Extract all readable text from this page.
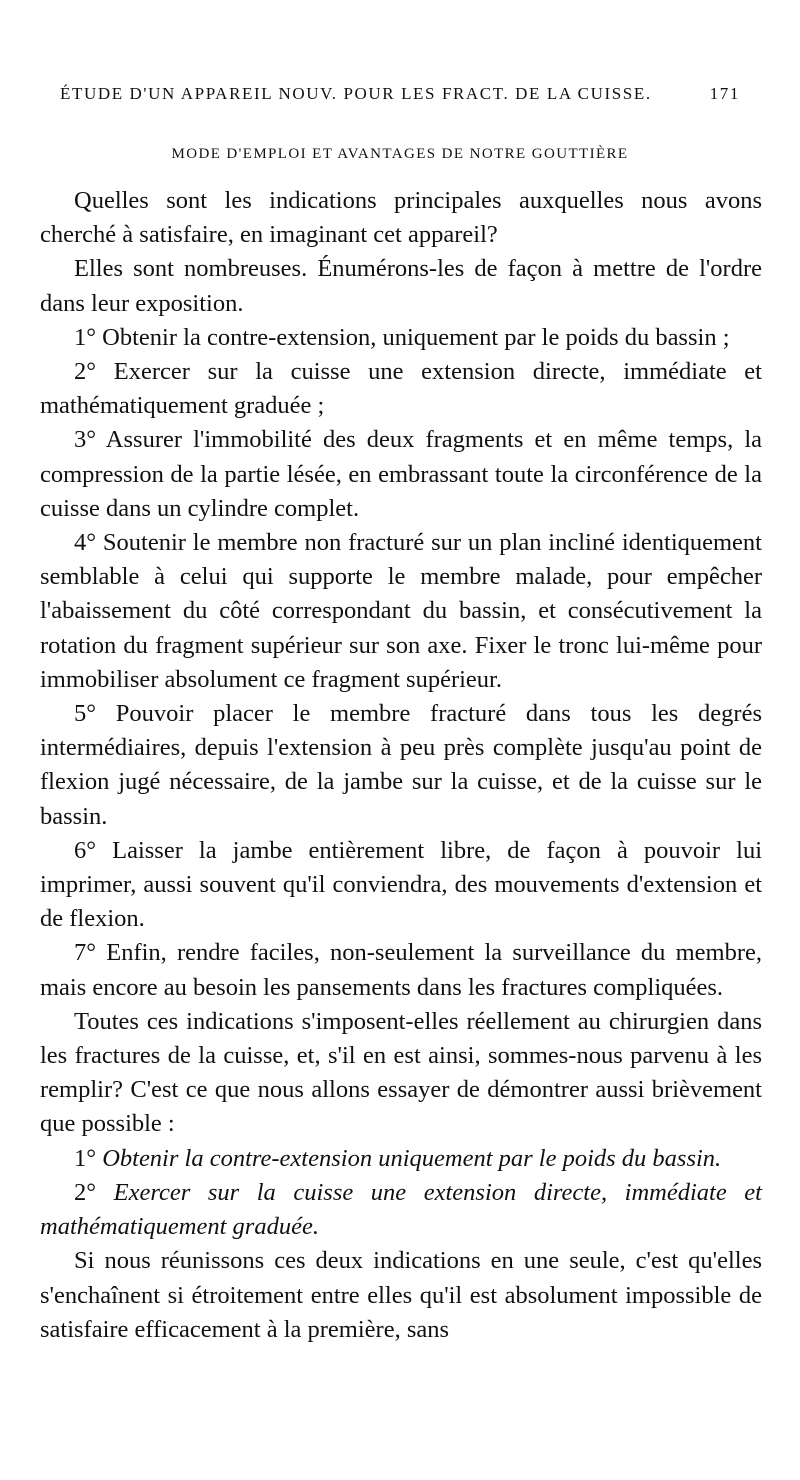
ÉTUDE D'UN APPAREIL NOUV. POUR LES FRACT. DE LA CUISSE.	171
MODE D'EMPLOI ET AVANTAGES DE NOTRE GOUTTIÈRE

Quelles sont les indications principales auxquelles nous avons cherché à satisfaire, en imaginant cet appareil?

Elles sont nombreuses. Énumérons-les de façon à mettre de l'ordre dans leur exposition.

1° Obtenir la contre-extension, uniquement par le poids du bassin ;

2° Exercer sur la cuisse une extension directe, immédiate et mathématiquement graduée ;

3° Assurer l'immobilité des deux fragments et en même temps, la compression de la partie lésée, en embrassant toute la circonférence de la cuisse dans un cylindre complet.

4° Soutenir le membre non fracturé sur un plan incliné identiquement semblable à celui qui supporte le membre malade, pour empêcher l'abaissement du côté correspondant du bassin, et consécutivement la rotation du fragment supérieur sur son axe. Fixer le tronc lui-même pour immobiliser absolument ce fragment supérieur.

5° Pouvoir placer le membre fracturé dans tous les degrés intermédiaires, depuis l'extension à peu près complète jusqu'au point de flexion jugé nécessaire, de la jambe sur la cuisse, et de la cuisse sur le bassin.

6° Laisser la jambe entièrement libre, de façon à pouvoir lui imprimer, aussi souvent qu'il conviendra, des mouvements d'extension et de flexion.

7° Enfin, rendre faciles, non-seulement la surveillance du membre, mais encore au besoin les pansements dans les fractures compliquées.

Toutes ces indications s'imposent-elles réellement au chirurgien dans les fractures de la cuisse, et, s'il en est ainsi, sommes-nous parvenu à les remplir? C'est ce que nous allons essayer de démontrer aussi brièvement que possible :

1° Obtenir la contre-extension uniquement par le poids du bassin.

2° Exercer sur la cuisse une extension directe, immédiate et mathématiquement graduée.

Si nous réunissons ces deux indications en une seule, c'est qu'elles s'enchaînent si étroitement entre elles qu'il est absolument impossible de satisfaire efficacement à la première, sans
